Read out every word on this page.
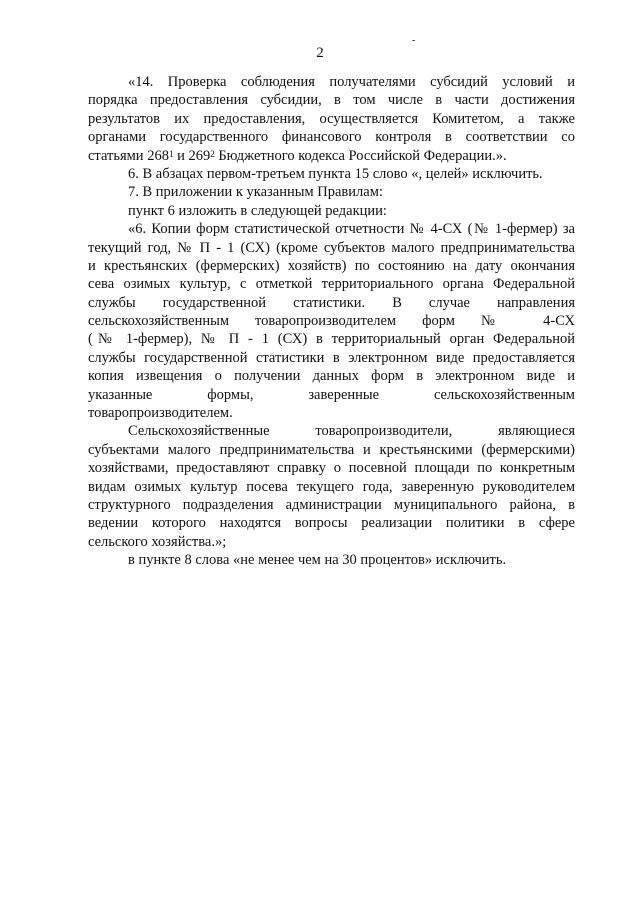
2
-
«14. Проверка соблюдения получателями субсидий условий и
порядка предоставления субсидии, в том числе в части достижения
результатов их предоставления, осуществляется Комитетом, а также
органами государственного финансового контроля в соответствии со
статьями $268^1$ и $269^2$ Бюджетного кодекса Российской Федерации.».
6. В абзацах первом-третьем пункта 15 слово «, целей» исключить.
7. В приложении к указанным Правилам:
пункт 6 изложить в следующей редакции:
«6. Копии форм статистической отчетности № 4-СХ (№ 1-фермер) за
текущий год, № П - 1 (СХ) (кроме субъектов малого предпринимательства
и крестьянских (фермерских) хозяйств) по состоянию на дату окончания
сева озимых культур, с отметкой территориального органа Федеральной
службы государственной статистики. В случае направления
сельскохозяйственным товаропроизводителем форм № 4-СХ
(№ 1-фермер), № П - 1 (СХ) в территориальный орган Федеральной
службы государственной статистики в электронном виде предоставляется
копия извещения о получении данных форм в электронном виде и
указанные формы, заверенные сельскохозяйственным
товаропроизводителем.
Сельскохозяйственные товаропроизводители, являющиеся
субъектами малого предпринимательства и крестьянскими (фермерскими)
хозяйствами, предоставляют справку о посевной площади по конкретным
видам озимых культур посева текущего года, заверенную руководителем
структурного подразделения администрации муниципального района, в
ведении которого находятся вопросы реализации политики в сфере
сельского хозяйства.»;
в пункте 8 слова «не менее чем на 30 процентов» исключить.
